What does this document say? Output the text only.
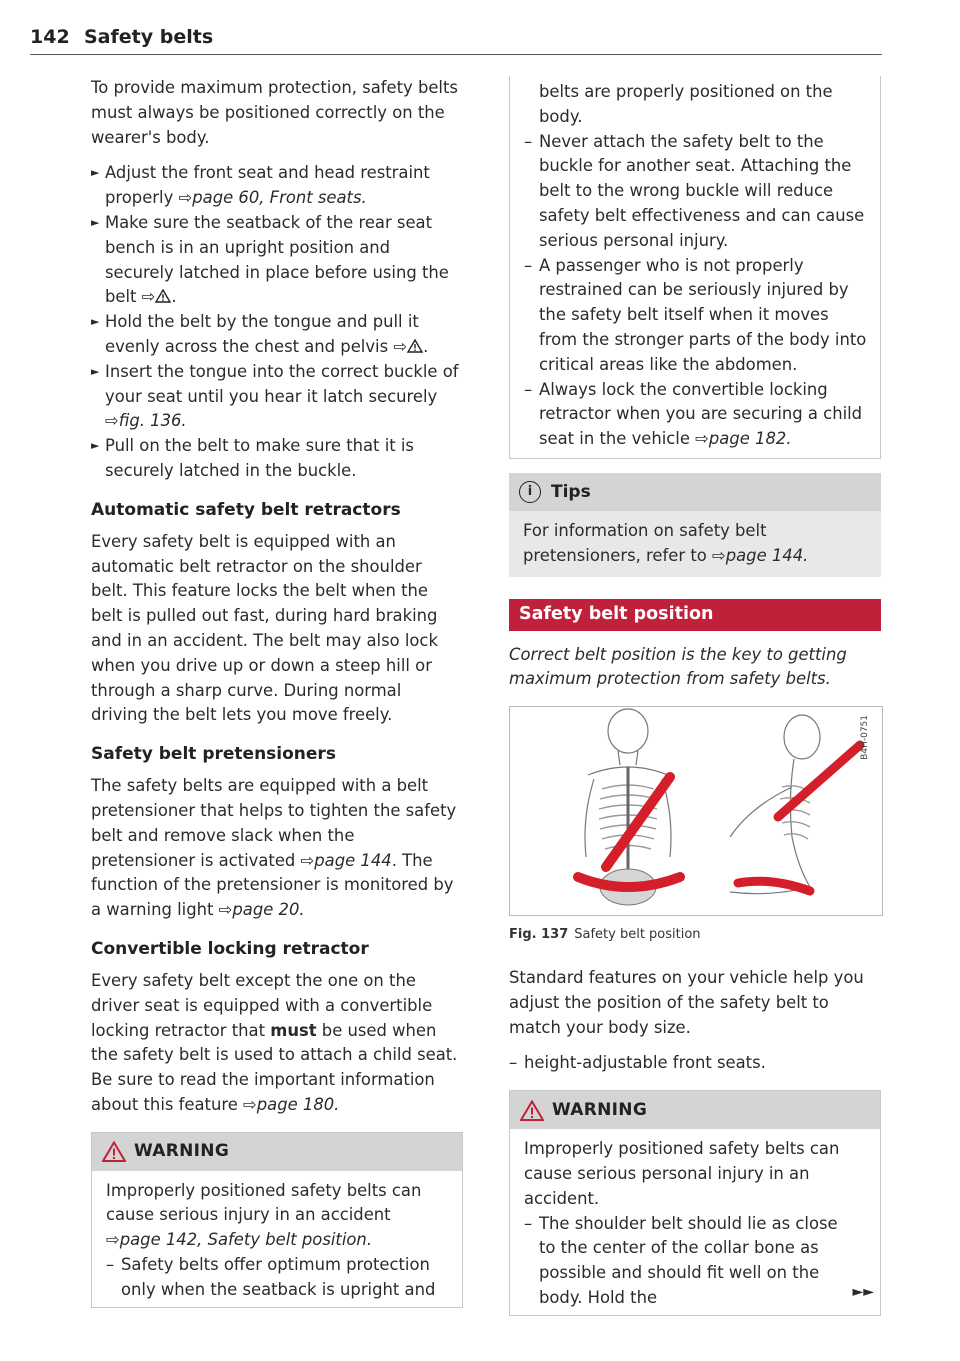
142 Safety belts

To provide maximum protection, safety belts must always be positioned correctly on the wearer's body.

► Adjust the front seat and head restraint properly ⇨page 60, Front seats.
► Make sure the seatback of the rear seat bench is in an upright position and securely latched in place before using the belt ⇨ .
► Hold the belt by the tongue and pull it evenly across the chest and pelvis ⇨ .
► Insert the tongue into the correct buckle of your seat until you hear it latch securely ⇨fig. 136.
► Pull on the belt to make sure that it is securely latched in the buckle.
Automatic safety belt retractors

Every safety belt is equipped with an automatic belt retractor on the shoulder belt. This feature locks the belt when the belt is pulled out fast, during hard braking and in an accident. The belt may also lock when you drive up or down a steep hill or through a sharp curve. During normal driving the belt lets you move freely.

Safety belt pretensioners

The safety belts are equipped with a belt pretensioner that helps to tighten the safety belt and remove slack when the pretensioner is activated ⇨page 144. The function of the pretensioner is monitored by a warning light ⇨page 20.

Convertible locking retractor

Every safety belt except the one on the driver seat is equipped with a convertible locking retractor that must be used when the safety belt is used to attach a child seat. Be sure to read the important information about this feature ⇨page 180.

WARNING

Improperly positioned safety belts can cause serious injury in an accident ⇨page 142, Safety belt position.

– Safety belts offer optimum protection only when the seatback is upright and

belts are properly positioned on the body.

– Never attach the safety belt to the buckle for another seat. Attaching the belt to the wrong buckle will reduce safety belt effectiveness and can cause serious personal injury.
– A passenger who is not properly restrained can be seriously injured by the safety belt itself when it moves from the stronger parts of the body into critical areas like the abdomen.
– Always lock the convertible locking retractor when you are securing a child seat in the vehicle ⇨page 182.
i	Tips

For information on safety belt pretensioners, refer to ⇨page 144.

Safety belt position

Correct belt position is the key to getting maximum protection from safety belts.

B4H-0751
Fig. 137 Safety belt position

Standard features on your vehicle help you adjust the position of the safety belt to match your body size.

– height-adjustable front seats.
WARNING

Improperly positioned safety belts can cause serious personal injury in an accident.

– The shoulder belt should lie as close to the center of the collar bone as possible and should fit well on the body. Hold the	►►
